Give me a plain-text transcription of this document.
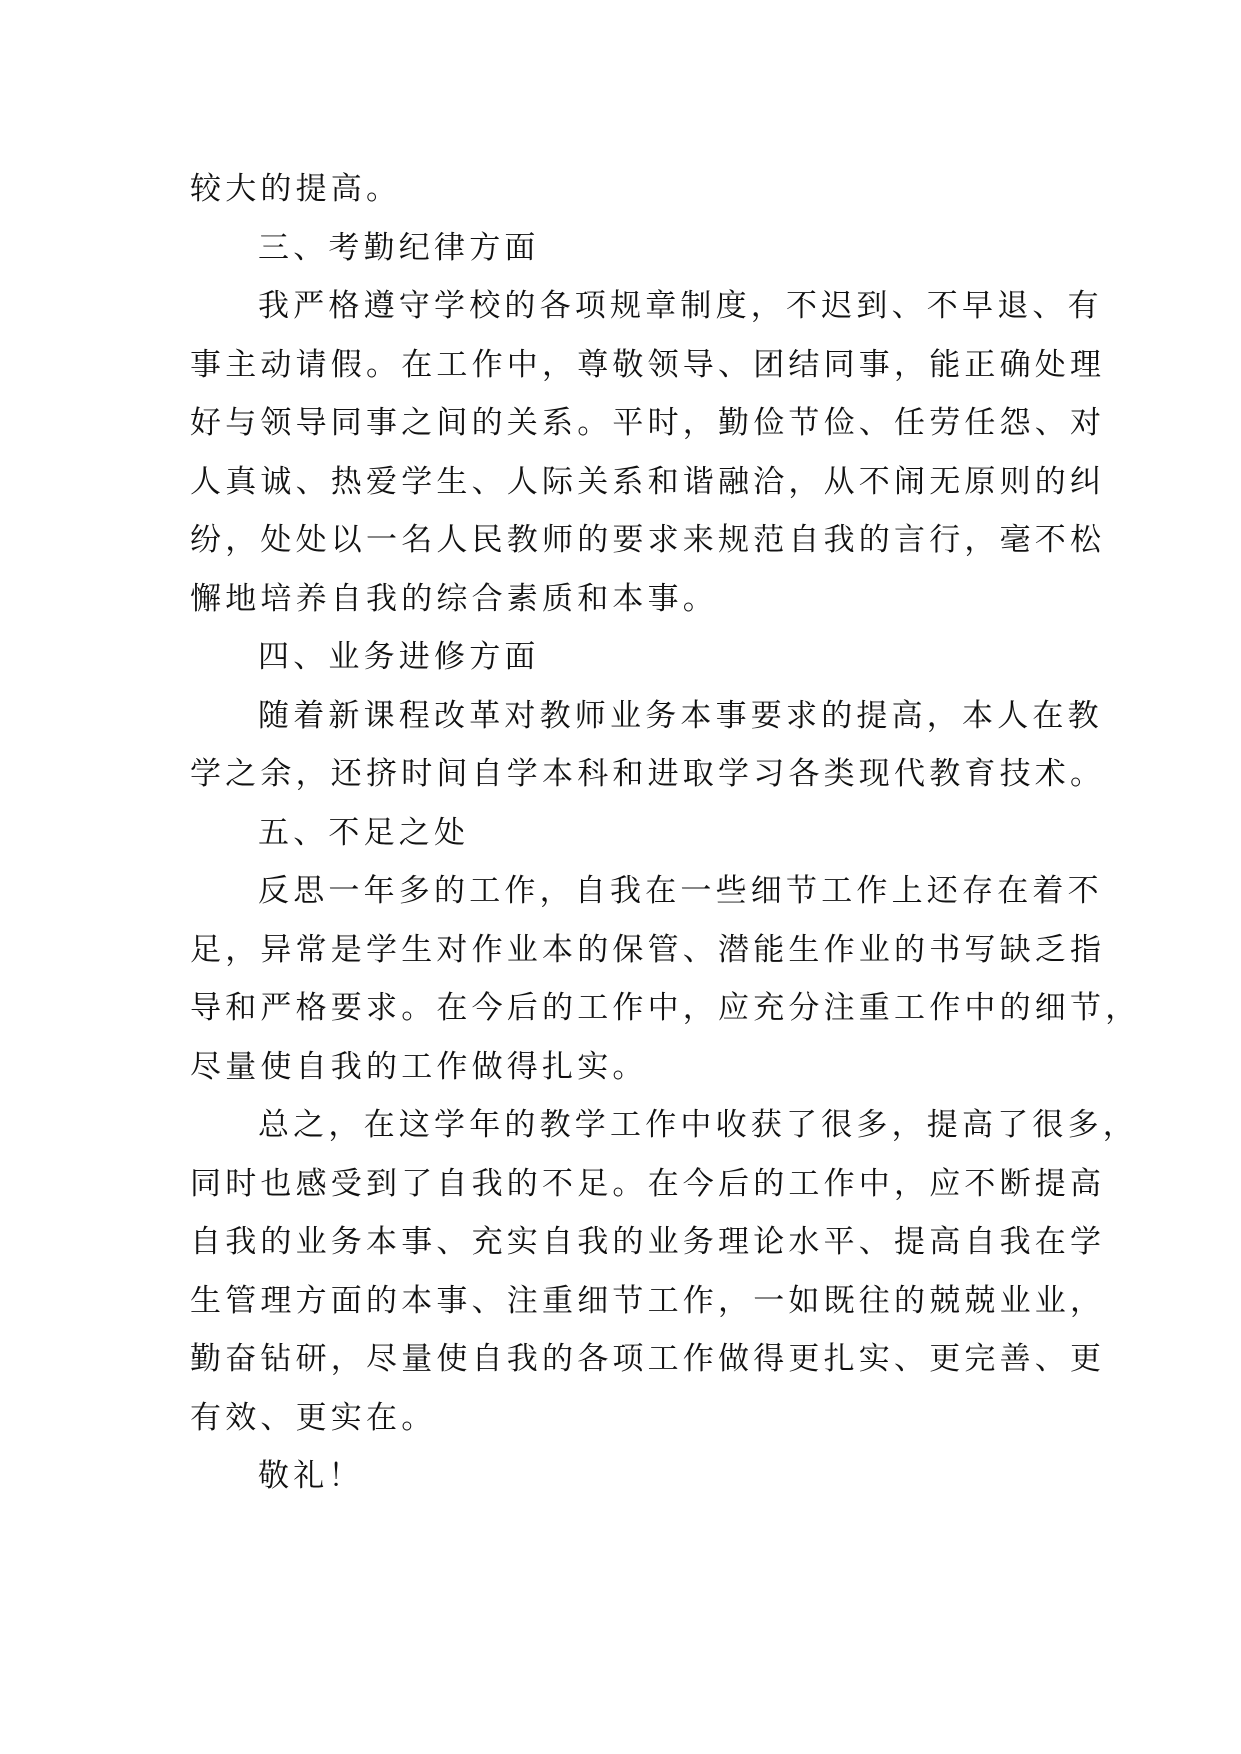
较大的提高。
三、考勤纪律方面
我严格遵守学校的各项规章制度，不迟到、不早退、有
事主动请假。在工作中，尊敬领导、团结同事，能正确处理
好与领导同事之间的关系。平时，勤俭节俭、任劳任怨、对
人真诚、热爱学生、人际关系和谐融洽，从不闹无原则的纠
纷，处处以一名人民教师的要求来规范自我的言行，毫不松
懈地培养自我的综合素质和本事。
四、业务进修方面
随着新课程改革对教师业务本事要求的提高，本人在教
学之余，还挤时间自学本科和进取学习各类现代教育技术。
五、不足之处
反思一年多的工作，自我在一些细节工作上还存在着不
足，异常是学生对作业本的保管、潜能生作业的书写缺乏指
导和严格要求。在今后的工作中，应充分注重工作中的细节，
尽量使自我的工作做得扎实。
总之，在这学年的教学工作中收获了很多，提高了很多，
同时也感受到了自我的不足。在今后的工作中，应不断提高
自我的业务本事、充实自我的业务理论水平、提高自我在学
生管理方面的本事、注重细节工作，一如既往的兢兢业业，
勤奋钻研，尽量使自我的各项工作做得更扎实、更完善、更
有效、更实在。
敬礼！
